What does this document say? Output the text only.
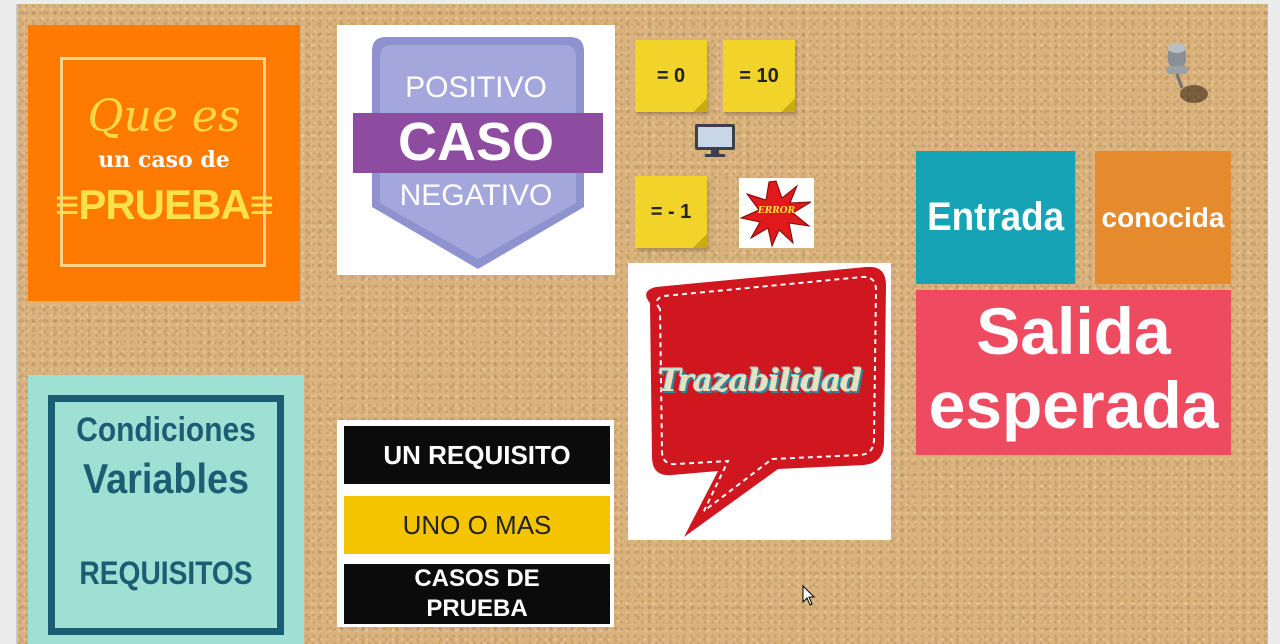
Que es
un caso de
≡PRUEBA≡
POSITIVO
CASO
NEGATIVO
= 0	= 10
= - 1	ERROR
Trazabilidad
Entrada conocida
Salida
esperada
Condiciones
Variables
REQUISITOS
UN REQUISITO
UNO O MAS
CASOS DE
PRUEBA
